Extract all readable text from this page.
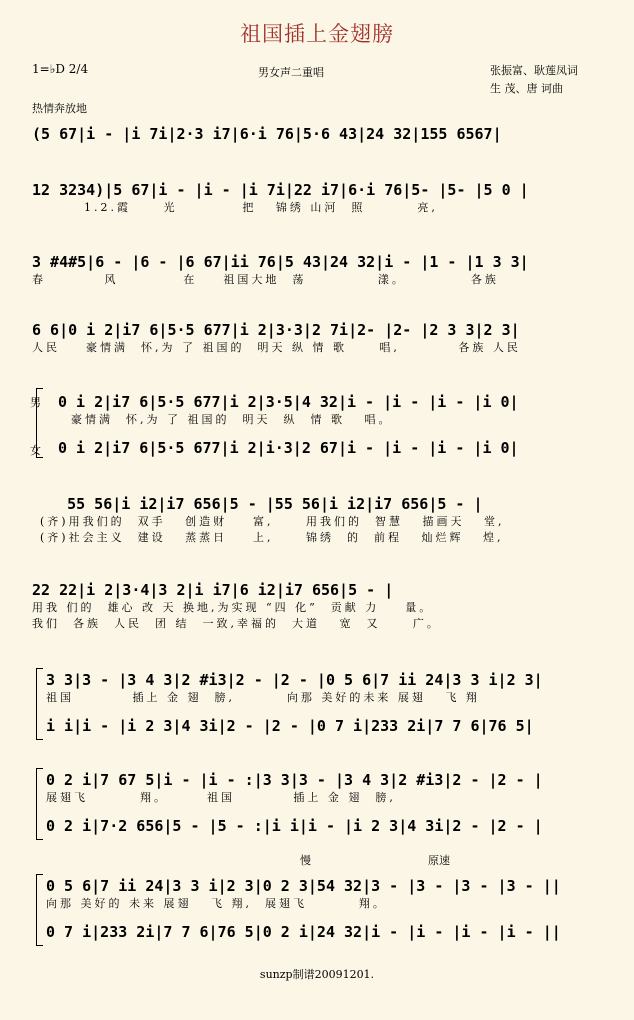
祖国插上金翅膀
1=♭D 2/4	男女声二重唱	张振富、耿莲凤词
生 茂、唐 诃曲
热情奔放地
(5 67|i - |i 7i|2·3 i7|6·i 76|5·6 43|24 32|155 6567|
12 3234)|5 67|i - |i - |i 7i|22 i7|6·i 76|5- |5- |5 0 |
1.2.霞     光          把   锦绣 山河  照        亮,
3 #4#5|6 - |6 - |6 67|ii 76|5 43|24 32|i - |1 - |1 3 3|
春         风          在    祖国大地  荡           漾。          各族
6 6|0 i 2|i7 6|5·5 677|i 2|3·3|2 7i|2- |2- |2 3 3|2 3|
人民    豪情满  怀,为 了 祖国的  明天 纵 情 歌     唱,         各族 人民
男
女
0 i 2|i7 6|5·5 677|i 2|3·5|4 32|i - |i - |i - |i 0|
豪情满  怀,为 了 祖国的  明天  纵  情 歌   唱。
0 i 2|i7 6|5·5 677|i 2|i·3|2 67|i - |i - |i - |i 0|
55 56|i i2|i7 656|5 - |55 56|i i2|i7 656|5 - |
(齐)用我们的  双手   创造财    富,     用我们的  智慧   描画天   堂,
(齐)社会主义  建设   蒸蒸日    上,     锦绣  的  前程   灿烂辉   煌,
22 22|i 2|3·4|3 2|i i7|6 i2|i7 656|5 - |
用我 们的  雄心 改 天 换地,为实现 “四 化”  贡献 力    量。
我们  各族  人民  团 结  一致,幸福的  大道   宽  又     广。
3 3|3 - |3 4 3|2 #i3|2 - |2 - |0 5 6|7 ii 24|3 3 i|2 3|
祖国         插上 金 翅  膀,        向那 美好的未来 展翅   飞 翔
i i|i - |i 2 3|4 3i|2 - |2 - |0 7 i|233 2i|7 7 6|76 5|
0 2 i|7 67 5|i - |i - :|3 3|3 - |3 4 3|2 #i3|2 - |2 - |
展翅飞        翔。      祖国         插上 金 翅  膀,
0 2 i|7·2 656|5 - |5 - :|i i|i - |i 2 3|4 3i|2 - |2 - |
慢	原速
0 5 6|7 ii 24|3 3 i|2 3|0 2 3|54 32|3 - |3 - |3 - |3 - ||
向那 美好的 未来 展翅   飞 翔,  展翅飞        翔。
0 7 i|233 2i|7 7 6|76 5|0 2 i|24 32|i - |i - |i - |i - ||
sunzp制谱20091201.
